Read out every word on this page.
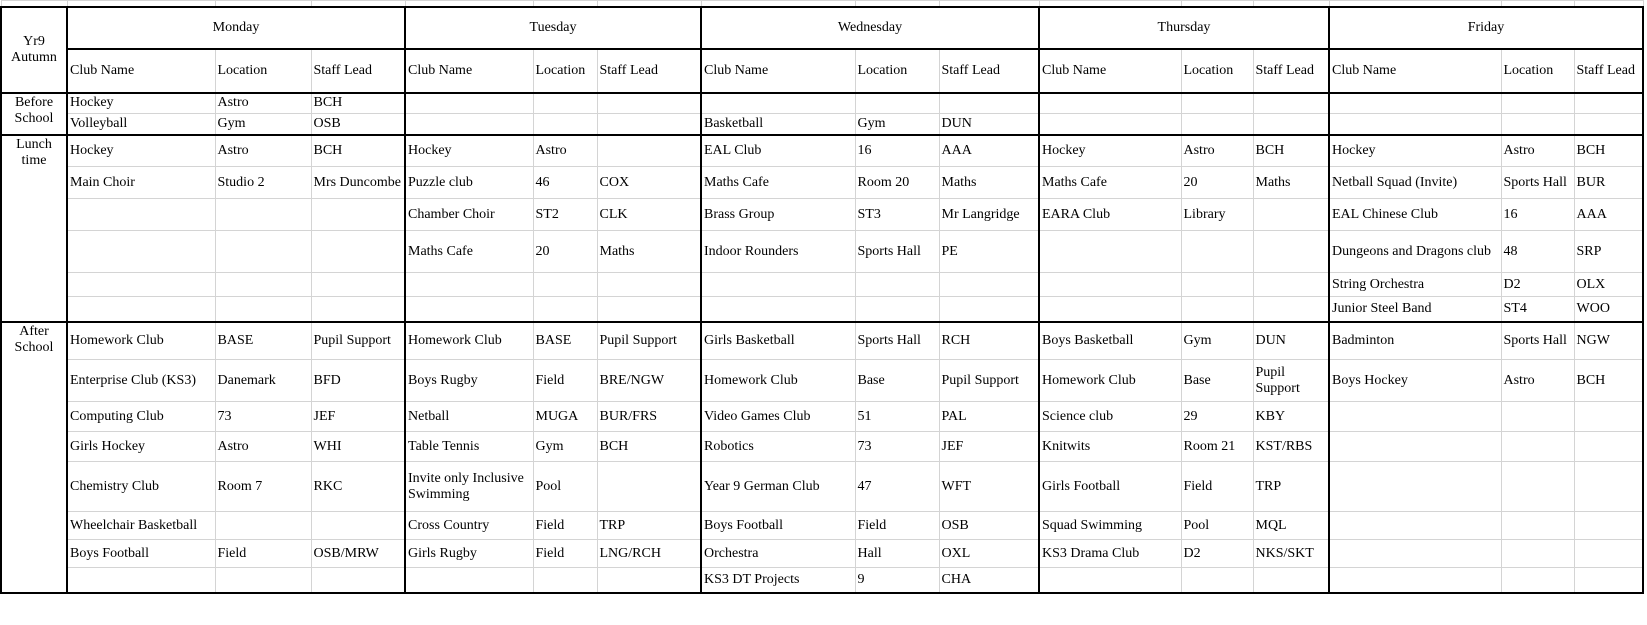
Yr9 Autumn	Monday			Tuesday			Wednesday			Thursday			Friday		
	Club Name	Location	Staff Lead	Club Name	Location	Staff Lead	Club Name	Location	Staff Lead	Club Name	Location	Staff Lead	Club Name	Location	Staff Lead
Before School	Hockey	Astro	BCH												
	Volleyball	Gym	OSB				Basketball	Gym	DUN						
Lunch time	Hockey	Astro	BCH	Hockey	Astro		EAL Club	16	AAA	Hockey	Astro	BCH	Hockey	Astro	BCH
	Main Choir	Studio 2	Mrs Duncombe	Puzzle club	46	COX	Maths Cafe	Room 20	Maths	Maths Cafe	20	Maths	Netball Squad (Invite)	Sports Hall	BUR
				Chamber Choir	ST2	CLK	Brass Group	ST3	Mr Langridge	EARA Club	Library		EAL Chinese Club	16	AAA
				Maths Cafe	20	Maths	Indoor Rounders	Sports Hall	PE				Dungeons and Dragons club	48	SRP
													String Orchestra	D2	OLX
													Junior Steel Band	ST4	WOO
After School	Homework Club	BASE	Pupil Support	Homework Club	BASE	Pupil Support	Girls Basketball	Sports Hall	RCH	Boys Basketball	Gym	DUN	Badminton	Sports Hall	NGW
	Enterprise Club (KS3)	Danemark	BFD	Boys Rugby	Field	BRE/NGW	Homework Club	Base	Pupil Support	Homework Club	Base	Pupil Support	Boys Hockey	Astro	BCH
	Computing Club	73	JEF	Netball	MUGA	BUR/FRS	Video Games Club	51	PAL	Science club	29	KBY			
	Girls Hockey	Astro	WHI	Table Tennis	Gym	BCH	Robotics	73	JEF	Knitwits	Room 21	KST/RBS			
	Chemistry Club	Room 7	RKC	Invite only Inclusive Swimming	Pool		Year 9 German Club	47	WFT	Girls Football	Field	TRP			
	Wheelchair Basketball			Cross Country	Field	TRP	Boys Football	Field	OSB	Squad Swimming	Pool	MQL			
	Boys Football	Field	OSB/MRW	Girls Rugby	Field	LNG/RCH	Orchestra	Hall	OXL	KS3 Drama Club	D2	NKS/SKT			
							KS3 DT Projects	9	CHA						
